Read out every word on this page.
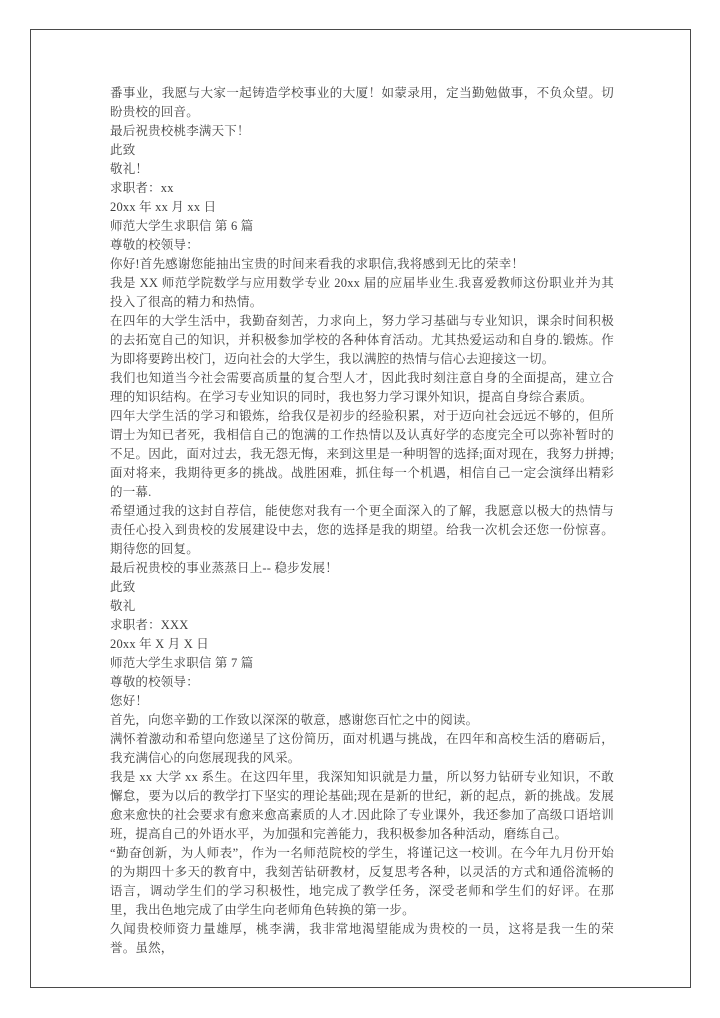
番事业，我愿与大家一起铸造学校事业的大厦！如蒙录用，定当勤勉做事，不负众望。切盼贵校的回音。

最后祝贵校桃李满天下！

此致

敬礼！

求职者：xx

20xx 年 xx 月 xx 日

师范大学生求职信 第 6 篇

尊敬的校领导：

你好!首先感谢您能抽出宝贵的时间来看我的求职信,我将感到无比的荣幸！

我是 XX 师范学院数学与应用数学专业 20xx 届的应届毕业生.我喜爱教师这份职业并为其投入了很高的精力和热情。

在四年的大学生活中，我勤奋刻苦，力求向上，努力学习基础与专业知识，课余时间积极的去拓宽自己的知识，并积极参加学校的各种体育活动。尤其热爱运动和自身的.锻炼。作为即将要跨出校门，迈向社会的大学生，我以满腔的热情与信心去迎接这一切。

我们也知道当今社会需要高质量的复合型人才，因此我时刻注意自身的全面提高，建立合理的知识结构。在学习专业知识的同时，我也努力学习课外知识，提高自身综合素质。

四年大学生活的学习和锻炼，给我仅是初步的经验积累，对于迈向社会远远不够的，但所谓士为知已者死，我相信自己的饱满的工作热情以及认真好学的态度完全可以弥补暂时的不足。因此，面对过去，我无怨无悔，来到这里是一种明智的选择;面对现在，我努力拼搏;面对将来，我期待更多的挑战。战胜困难，抓住每一个机遇，相信自己一定会演绎出精彩的一幕.

希望通过我的这封自荐信，能使您对我有一个更全面深入的了解，我愿意以极大的热情与责任心投入到贵校的发展建设中去，您的选择是我的期望。给我一次机会还您一份惊喜。 期待您的回复。

最后祝贵校的事业蒸蒸日上-- 稳步发展！

此致

敬礼

求职者：XXX

20xx 年 X 月 X 日

师范大学生求职信 第 7 篇

尊敬的校领导：

您好！

首先，向您辛勤的工作致以深深的敬意，感谢您百忙之中的阅读。

满怀着激动和希望向您递呈了这份简历，面对机遇与挑战，在四年和高校生活的磨砺后，我充满信心的向您展现我的风采。

我是 xx 大学 xx 系生。在这四年里，我深知知识就是力量，所以努力钻研专业知识，不敢懈怠，要为以后的教学打下坚实的理论基础;现在是新的世纪，新的起点，新的挑战。发展愈来愈快的社会要求有愈来愈高素质的人才.因此除了专业课外，我还参加了高级口语培训班，提高自己的外语水平，为加强和完善能力，我积极参加各种活动，磨练自己。

“勤奋创新，为人师表”，作为一名师范院校的学生，将谨记这一校训。在今年九月份开始的为期四十多天的教育中，我刻苦钻研教材，反复思考各种，以灵活的方式和通俗流畅的语言，调动学生们的学习积极性，地完成了教学任务，深受老师和学生们的好评。在那里，我出色地完成了由学生向老师角色转换的第一步。

久闻贵校师资力量雄厚，桃李满，我非常地渴望能成为贵校的一员，这将是我一生的荣誉。虽然，
